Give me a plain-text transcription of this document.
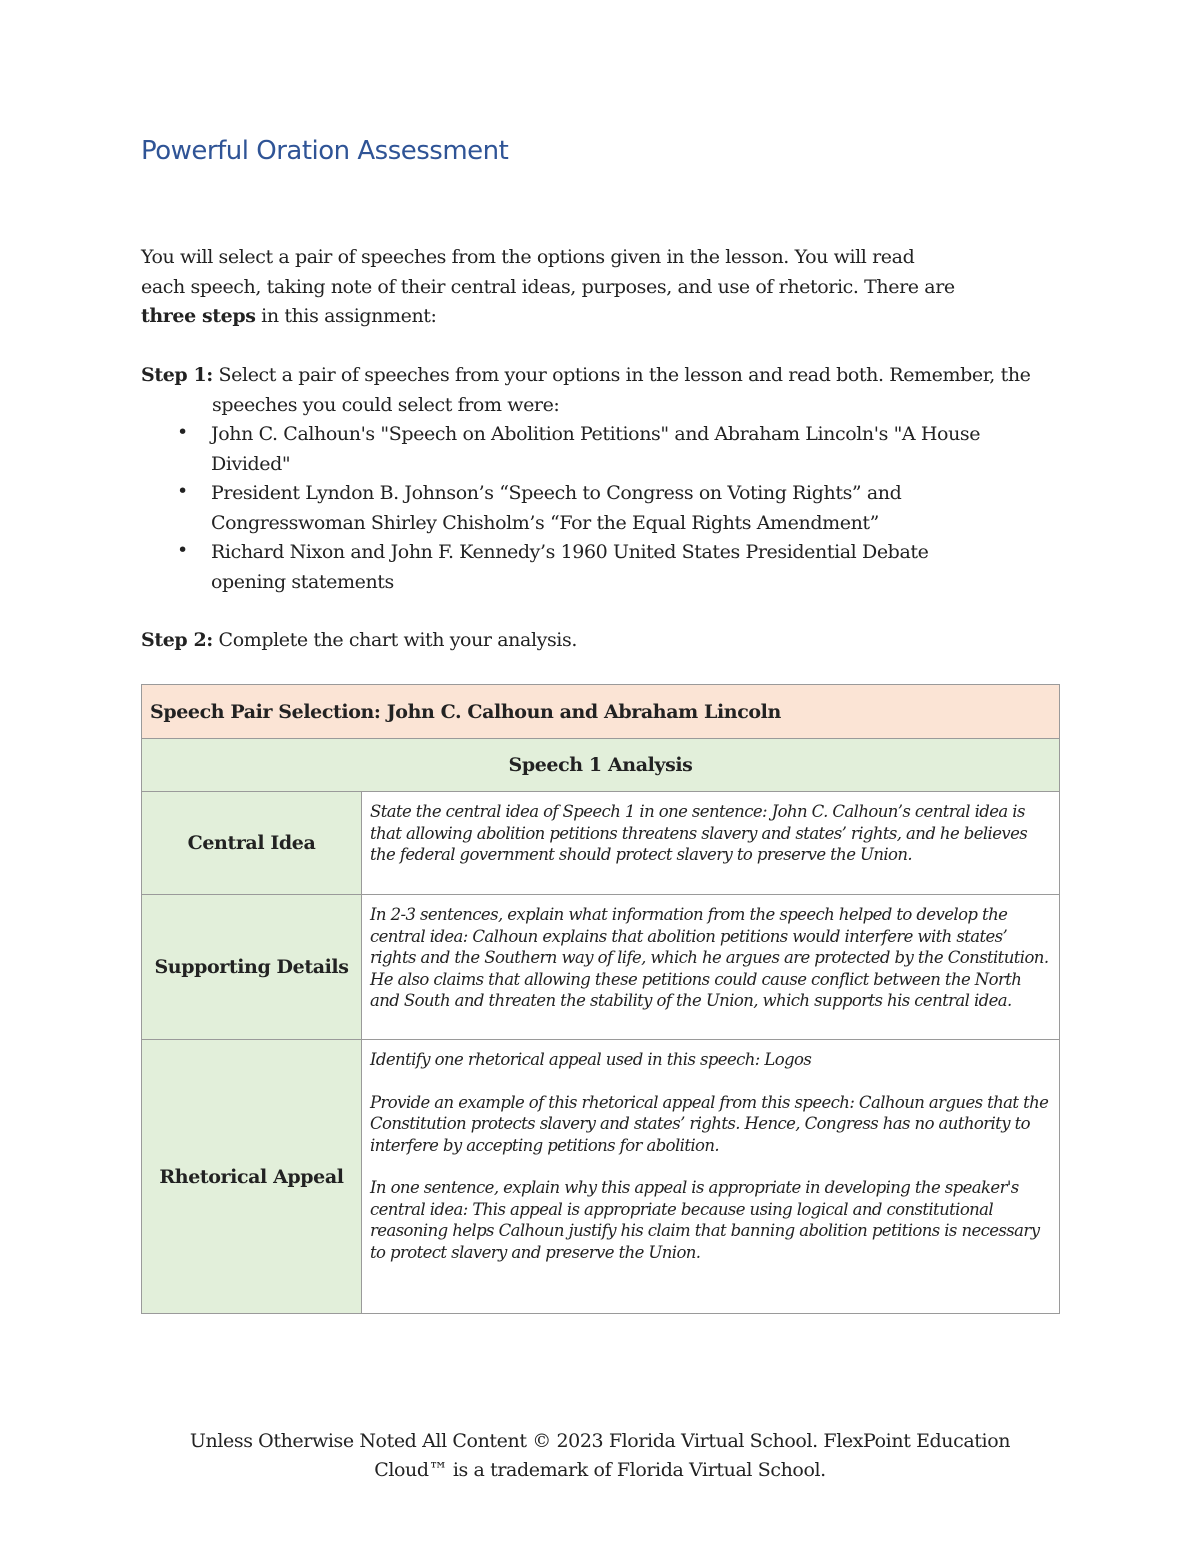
Powerful Oration Assessment
You will select a pair of speeches from the options given in the lesson. You will read
each speech, taking note of their central ideas, purposes, and use of rhetoric. There are
three steps in this assignment:
Step 1: Select a pair of speeches from your options in the lesson and read both. Remember, the
speeches you could select from were:
• John C. Calhoun's "Speech on Abolition Petitions" and Abraham Lincoln's "A House
Divided"
• President Lyndon B. Johnson’s “Speech to Congress on Voting Rights” and
Congresswoman Shirley Chisholm’s “For the Equal Rights Amendment”
• Richard Nixon and John F. Kennedy’s 1960 United States Presidential Debate
opening statements
Step 2: Complete the chart with your analysis.
Speech Pair Selection: John C. Calhoun and Abraham Lincoln	
Speech 1 Analysis	
Central Idea	State the central idea of Speech 1 in one sentence: John C. Calhoun’s central idea is that allowing abolition petitions threatens slavery and states’ rights, and he believes the federal government should protect slavery to preserve the Union.

Supporting Details	In 2-3 sentences, explain what information from the speech helped to develop the central idea: Calhoun explains that abolition petitions would interfere with states’ rights and the Southern way of life, which he argues are protected by the Constitution. He also claims that allowing these petitions could cause conflict between the North and South and threaten the stability of the Union, which supports his central idea.

Rhetorical Appeal	Identify one rhetorical appeal used in this speech: Logos

Provide an example of this rhetorical appeal from this speech: Calhoun argues that the Constitution protects slavery and states’ rights. Hence, Congress has no authority to interfere by accepting petitions for abolition.

In one sentence, explain why this appeal is appropriate in developing the speaker's central idea: This appeal is appropriate because using logical and constitutional reasoning helps Calhoun justify his claim that banning abolition petitions is necessary to protect slavery and preserve the Union.

Unless Otherwise Noted All Content © 2023 Florida Virtual School. FlexPoint Education
Cloud™ is a trademark of Florida Virtual School.
